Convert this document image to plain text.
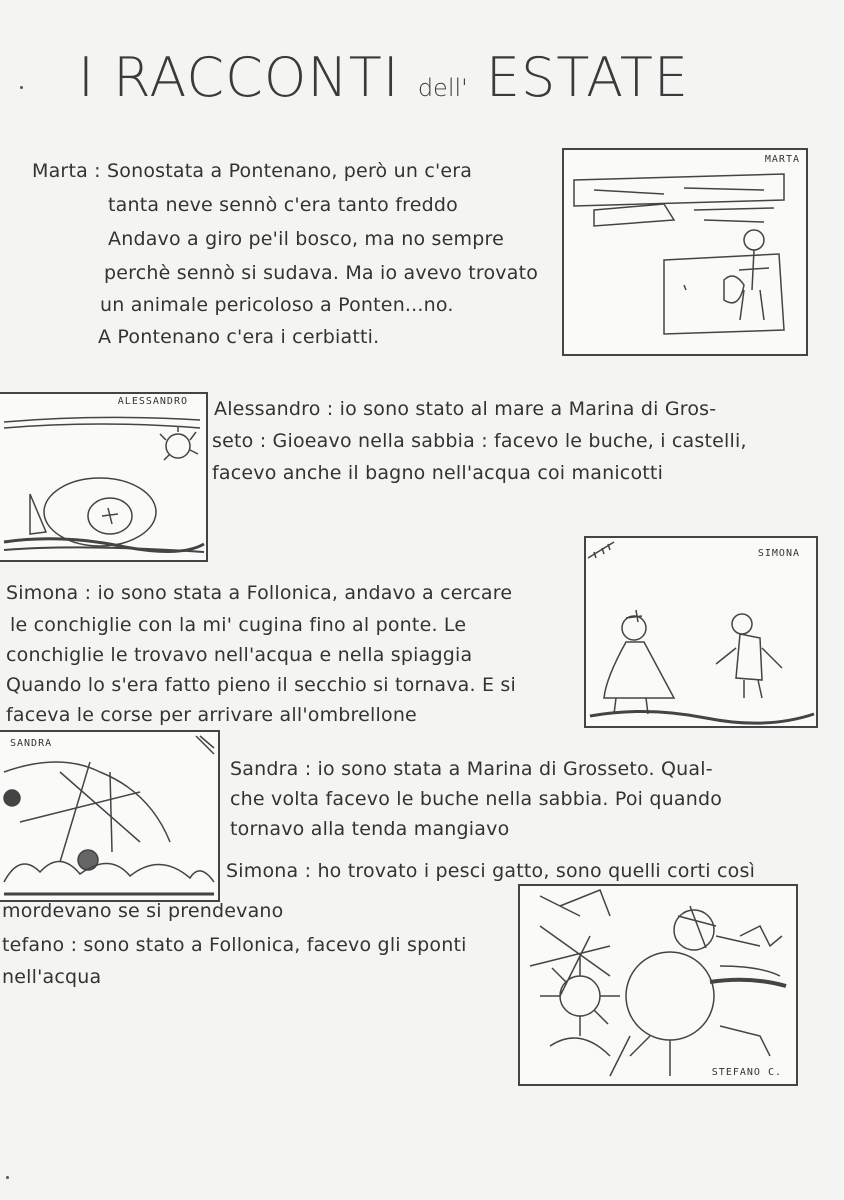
I RACCONTI dell' ESTATE
Marta : Sonostata a Pontenano, però un c'era
tanta neve sennò c'era tanto freddo
Andavo a giro pe'il bosco, ma no sempre
perchè sennò si sudava. Ma io avevo trovato
un animale pericoloso a Ponten...no.
A Pontenano c'era i cerbiatti.
MARTA
ALESSANDRO Alessandro : io sono stato al mare a Marina di Gros-
seto : Gioeavo nella sabbia : facevo le buche, i castelli,
facevo anche il bagno nell'acqua coi manicotti
SIMONA
Simona : io sono stata a Follonica, andavo a cercare
le conchiglie con la mi' cugina fino al ponte. Le
conchiglie le trovavo nell'acqua e nella spiaggia
Quando lo s'era fatto pieno il secchio si tornava. E si
faceva le corse per arrivare all'ombrellone
SANDRA
Sandra : io sono stata a Marina di Grosseto. Qual-
che volta facevo le buche nella sabbia. Poi quando
tornavo alla tenda mangiavo
Simona : ho trovato i pesci gatto, sono quelli corti così
mordevano se si prendevano
tefano : sono stato a Follonica, facevo gli sponti
nell'acqua
STEFANO C.
